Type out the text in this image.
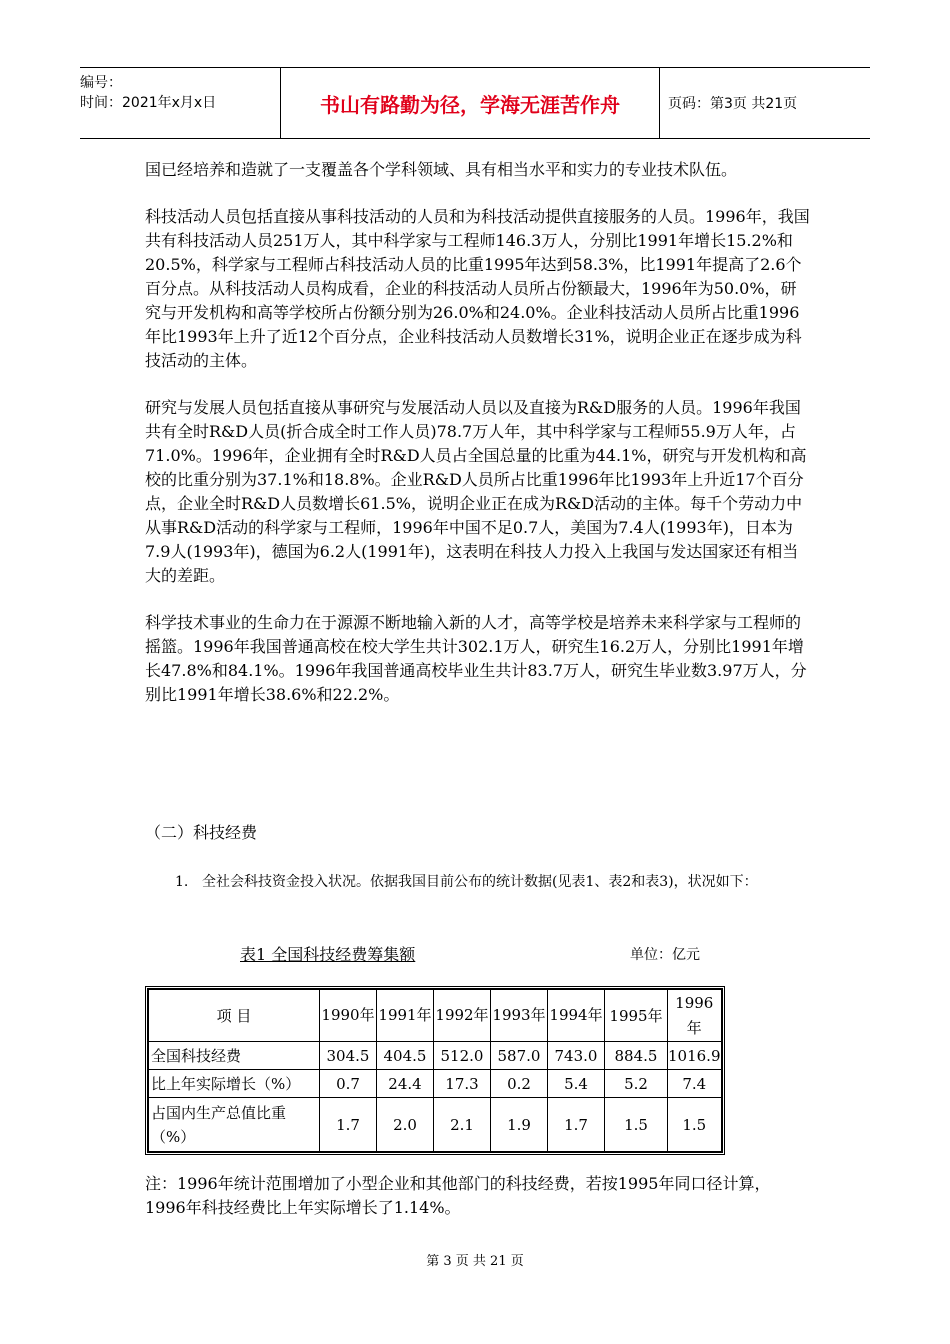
编号：
时间：2021年x月x日	书山有路勤为径，学海无涯苦作舟	页码：第3页 共21页

国已经培养和造就了一支覆盖各个学科领域、具有相当水平和实力的专业技术队伍。

科技活动人员包括直接从事科技活动的人员和为科技活动提供直接服务的人员。1996年，我国共有科技活动人员251万人，其中科学家与工程师146.3万人，分别比1991年增长15.2%和20.5%，科学家与工程师占科技活动人员的比重1995年达到58.3%，比1991年提高了2.6个百分点。从科技活动人员构成看，企业的科技活动人员所占份额最大，1996年为50.0%，研究与开发机构和高等学校所占份额分别为26.0%和24.0%。企业科技活动人员所占比重1996年比1993年上升了近12个百分点，企业科技活动人员数增长31%，说明企业正在逐步成为科技活动的主体。

研究与发展人员包括直接从事研究与发展活动人员以及直接为R&D服务的人员。1996年我国共有全时R&D人员(折合成全时工作人员)78.7万人年，其中科学家与工程师55.9万人年，占71.0%。1996年，企业拥有全时R&D人员占全国总量的比重为44.1%，研究与开发机构和高校的比重分别为37.1%和18.8%。企业R&D人员所占比重1996年比1993年上升近17个百分点，企业全时R&D人员数增长61.5%，说明企业正在成为R&D活动的主体。每千个劳动力中从事R&D活动的科学家与工程师，1996年中国不足0.7人，美国为7.4人(1993年)，日本为7.9人(1993年)，德国为6.2人(1991年)，这表明在科技人力投入上我国与发达国家还有相当大的差距。

科学技术事业的生命力在于源源不断地输入新的人才，高等学校是培养未来科学家与工程师的摇篮。1996年我国普通高校在校大学生共计302.1万人，研究生16.2万人，分别比1991年增长47.8%和84.1%。1996年我国普通高校毕业生共计83.7万人，研究生毕业数3.97万人，分别比1991年增长38.6%和22.2%。

（二）科技经费
1. 全社会科技资金投入状况。依据我国目前公布的统计数据(见表1、表2和表3)，状况如下：
表1 全国科技经费筹集额	单位：亿元
项 目	1990年	1991年	1992年	1993年	1994年	1995年	1996年
全国科技经费	304.5	404.5	512.0	587.0	743.0	884.5	1016.9
比上年实际增长（%）	0.7	24.4	17.3	0.2	5.4	5.2	7.4
占国内生产总值比重（%）	1.7	2.0	2.1	1.9	1.7	1.5	1.5
注：1996年统计范围增加了小型企业和其他部门的科技经费，若按1995年同口径计算，1996年科技经费比上年实际增长了1.14%。
第 3 页 共 21 页
